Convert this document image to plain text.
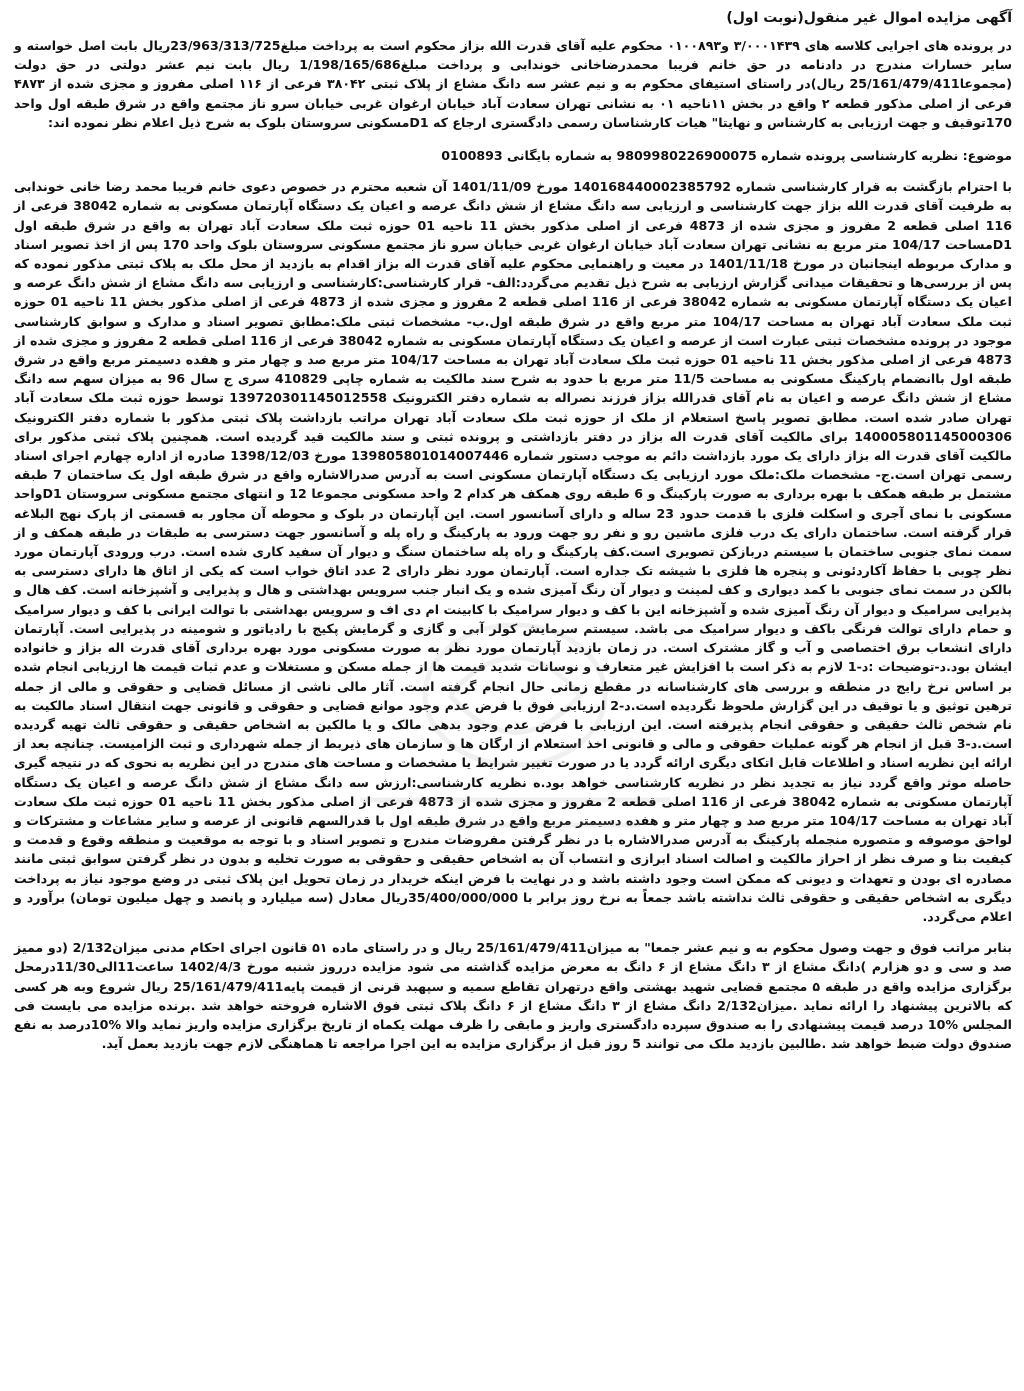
آگهی مزایده اموال غیر منقول(نوبت اول)

در پرونده های اجرایی کلاسه های ۳/۰۰۰۱۴۳۹ و۰۱۰۰۸۹۳ محکوم علیه آقای قدرت الله بزاز محکوم است به پرداخت مبلغ23/963/313/725ریال بابت اصل خواسته و سایر خسارات مندرج در دادنامه در حق خانم فریبا محمدرضاخانی خوندابی و پرداخت مبلغ1/198/165/686 ریال بابت نیم عشر دولتی در حق دولت (مجموعا25/161/479/411 ریال)در راستای استیفای محکوم به و نیم عشر سه دانگ مشاع از پلاک ثبتی ۳۸۰۴۲ فرعی از ۱۱۶ اصلی مفروز و مجزی شده از ۴۸۷۳ فرعی از اصلی مذکور قطعه ۲ واقع در بخش ۱۱ناحیه ۰۱ به نشانی تهران سعادت آباد خیابان ارغوان غربی خیابان سرو ناز مجتمع واقع در شرق طبقه اول واحد 170توقیف و جهت ارزیابی به کارشناس و نهایتا" هیات کارشناسان رسمی دادگستری ارجاع که D1مسکونی سروستان بلوک به شرح ذیل اعلام نظر نموده اند:

موضوع: نظریه کارشناسی پرونده شماره 9809980226900075 به شماره بایگانی 0100893

با احترام بازگشت به قرار کارشناسی شماره 140168440002385792 مورخ 1401/11/09 آن شعبه محترم در خصوص دعوی خانم فریبا محمد رضا خانی خوندابی به طرفیت آقای قدرت الله بزاز جهت کارشناسی و ارزیابی سه دانگ مشاع از شش دانگ عرصه و اعیان یک دستگاه آپارتمان مسکونی به شماره 38042 فرعی از 116 اصلی قطعه 2 مفروز و مجزی شده از 4873 فرعی از اصلی مذکور بخش 11 ناحیه 01 حوزه ثبت ملک سعادت آباد تهران به واقع در شرق طبقه اول D1مساحت 104/17 متر مربع به نشانی تهران سعادت آباد خیابان ارغوان غربی خیابان سرو ناز مجتمع مسکونی سروستان بلوک واحد 170 پس از اخذ تصویر اسناد و مدارک مربوطه اینجانبان در مورخ 1401/11/18 در معیت و راهنمایی محکوم علیه آقای قدرت اله بزاز اقدام به بازدید از محل ملک به پلاک ثبتی مذکور نموده که پس از بررسی‌ها و تحقیقات میدانی گزارش ارزیابی به شرح ذیل تقدیم می‌گردد:الف- قرار کارشناسی:کارشناسی و ارزیابی سه دانگ مشاع از شش دانگ عرصه و اعیان یک دستگاه آپارتمان مسکونی به شماره 38042 فرعی از 116 اصلی قطعه 2 مفروز و مجزی شده از 4873 فرعی از اصلی مذکور بخش 11 ناحیه 01 حوزه ثبت ملک سعادت آباد تهران به مساحت 104/17 متر مربع واقع در شرق طبقه اول.ب- مشخصات ثبتی ملک:مطابق تصویر اسناد و مدارک و سوابق کارشناسی موجود در پرونده مشخصات ثبتی عبارت است از عرصه و اعیان یک دستگاه آپارتمان مسکونی به شماره 38042 فرعی از 116 اصلی قطعه 2 مفروز و مجزی شده از 4873 فرعی از اصلی مذکور بخش 11 ناحیه 01 حوزه ثبت ملک سعادت آباد تهران به مساحت 104/17 متر مربع صد و چهار متر و هفده دسیمتر مربع واقع در شرق طبقه اول باانضمام پارکینگ مسکونی به مساحت 11/5 متر مربع با حدود به شرح سند مالکیت به شماره چاپی 410829 سری ج سال 96 به میزان سهم سه دانگ مشاع از شش دانگ عرصه و اعیان به نام آقای قدرالله بزاز فرزند نصراله به شماره دفتر الکترونیک 139720301145012558 توسط حوزه ثبت ملک سعادت آباد تهران صادر شده است. مطابق تصویر پاسخ استعلام از ملک از حوزه ثبت ملک سعادت آباد تهران مراتب بازداشت پلاک ثبتی مذکور با شماره دفتر الکترونیک 140005801145000306 برای مالکیت آقای قدرت اله بزاز در دفتر بازداشتی و پرونده ثبتی و سند مالکیت قید گردیده است. همچنین پلاک ثبتی مذکور برای مالکیت آقای قدرت اله بزاز دارای یک مورد بازداشت دائم به موجب دستور شماره 139805801014007446 مورخ 1398/12/03 صادره از اداره چهارم اجرای اسناد رسمی تهران است.ج- مشخصات ملک:ملک مورد ارزیابی یک دستگاه آپارتمان مسکونی است به آدرس صدرالاشاره واقع در شرق طبقه اول یک ساختمان 7 طبقه مشتمل بر طبقه همکف با بهره برداری به صورت پارکینگ و 6 طبقه روی همکف هر کدام 2 واحد مسکونی مجموعا 12 و انتهای مجتمع مسکونی سروستان D1واحد مسکونی با نمای آجری و اسکلت فلزی با قدمت حدود 23 ساله و دارای آسانسور است. این آپارتمان در بلوک و محوطه آن مجاور به قسمتی از پارک نهج البلاغه قرار گرفته است. ساختمان دارای یک درب فلزی ماشین رو و نفر رو جهت ورود به پارکینگ و راه پله و آسانسور جهت دسترسی به طبقات در طبقه همکف و از سمت نمای جنوبی ساختمان با سیستم دربازکن تصویری است.کف پارکینگ و راه پله ساختمان سنگ و دیوار آن سفید کاری شده است. درب ورودی آپارتمان مورد نظر چوبی با حفاظ آکاردئونی و پنجره ها فلزی با شیشه تک جداره است. آپارتمان مورد نظر دارای 2 عدد اتاق خواب است که یکی از اتاق ها دارای دسترسی به بالکن در سمت نمای جنوبی با کمد دیواری و کف لمینت و دیوار آن رنگ آمیزی شده و یک انبار جنب سرویس بهداشتی و هال و پذیرایی و آشپزخانه است. کف هال و پذیرایی سرامیک و دیوار آن رنگ آمیزی شده و آشپزخانه این با کف و دیوار سرامیک با کابینت ام دی اف و سرویس بهداشتی با توالت ایرانی با کف و دیوار سرامیک و حمام دارای توالت فرنگی باکف و دیوار سرامیک می باشد. سیستم سرمایش کولر آبی و گازی و گرمایش پکیج با رادیاتور و شومینه در پذیرایی است. آپارتمان دارای انشعاب برق اختصاصی و آب و گاز مشترک است. در زمان بازدید آپارتمان مورد نظر به صورت مسکونی مورد بهره برداری آقای قدرت اله بزاز و خانواده ایشان بود.د-توضیحات :د-1 لازم به ذکر است با افزایش غیر متعارف و نوسانات شدید قیمت ها از جمله مسکن و مستغلات و عدم ثبات قیمت ها ارزیابی انجام شده بر اساس نرخ رایج در منطقه و بررسی های کارشناسانه در مقطع زمانی حال انجام گرفته است. آثار مالی ناشی از مسائل قضایی و حقوقی و مالی از جمله ترهین توثیق و یا توقیف در این گزارش ملحوظ نگردیده است.د-2 ارزیابی فوق با فرض عدم وجود موانع قضایی و حقوقی و قانونی جهت انتقال اسناد مالکیت به نام شخص ثالث حقیقی و حقوقی انجام پذیرفته است. این ارزیابی با فرض عدم وجود بدهی مالک و یا مالکین به اشخاص حقیقی و حقوقی ثالث تهیه گردیده است.د-3 قبل از انجام هر گونه عملیات حقوقی و مالی و قانونی اخذ استعلام از ارگان ها و سازمان های ذیربط از جمله شهرداری و ثبت الزامیست. چنانچه بعد از ارائه این نظریه اسناد و اطلاعات قابل اتکای دیگری ارائه گردد یا در صورت تغییر شرایط یا مشخصات و مساحت های مندرج در این نظریه به نحوی که در نتیجه گیری حاصله موثر واقع گردد نیاز به تجدید نظر در نظریه کارشناسی خواهد بود.ه نظریه کارشناسی:ارزش سه دانگ مشاع از شش دانگ عرصه و اعیان یک دستگاه آپارتمان مسکونی به شماره 38042 فرعی از 116 اصلی قطعه 2 مفروز و مجزی شده از 4873 فرعی از اصلی مذکور بخش 11 ناحیه 01 حوزه ثبت ملک سعادت آباد تهران به مساحت 104/17 متر مربع صد و چهار متر و هفده دسیمتر مربع واقع در شرق طبقه اول با قدرالسهم قانونی از عرصه و سایر مشاعات و مشترکات و لواحق موصوفه و متصوره منجمله پارکینگ به آدرس صدرالاشاره با در نظر گرفتن مفروضات مندرج و تصویر اسناد و با توجه به موقعیت و منطقه وقوع و قدمت و کیفیت بنا و صرف نظر از احراز مالکیت و اصالت اسناد ابرازی و انتساب آن به اشخاص حقیقی و حقوقی به صورت تخلیه و بدون در نظر گرفتن سوابق ثبتی مانند مصادره ای بودن و تعهدات و دیونی که ممکن است وجود داشته باشد و در نهایت با فرض اینکه خریدار در زمان تحویل این پلاک ثبتی در وضع موجود نیاز به پرداخت دیگری به اشخاص حقیقی و حقوقی ثالث نداشته باشد جمعاً به نرخ روز برابر با 35/400/000/000ریال معادل (سه میلیارد و پانصد و چهل میلیون تومان) برآورد و اعلام می‌گردد.

بنابر مراتب فوق و جهت وصول محکوم به و نیم عشر جمعا" به میزان25/161/479/411 ریال و در راستای ماده ۵۱ قانون اجرای احکام مدنی میزان2/132 (دو ممیز صد و سی و دو هزارم )دانگ مشاع از ۳ دانگ مشاع از ۶ دانگ به معرض مزایده گذاشته می شود مزایده درروز شنبه مورخ 1402/4/3 ساعت11الی11/30درمحل برگزاری مزایده واقع در طبقه ۵ مجتمع قضایی شهید بهشتی واقع درتهران تقاطع سمیه و سپهبد قرنی از قیمت پایه25/161/479/411 ریال شروع وبه هر کسی که بالاترین پیشنهاد را ارائه نماید .میزان2/132 دانگ مشاع از ۳ دانگ مشاع از ۶ دانگ پلاک ثبتی فوق الاشاره فروخته خواهد شد .برنده مزایده می بایست فی المجلس %10 درصد قیمت پیشنهادی را به صندوق سپرده دادگستری واریز و مابقی را ظرف مهلت یکماه از تاریخ برگزاری مزایده واریز نماید والا %10درصد به نفع صندوق دولت ضبط خواهد شد .طالبین بازدید ملک می توانند 5 روز قبل از برگزاری مزایده به این اجرا مراجعه تا هماهنگی لازم جهت بازدید بعمل آید.
